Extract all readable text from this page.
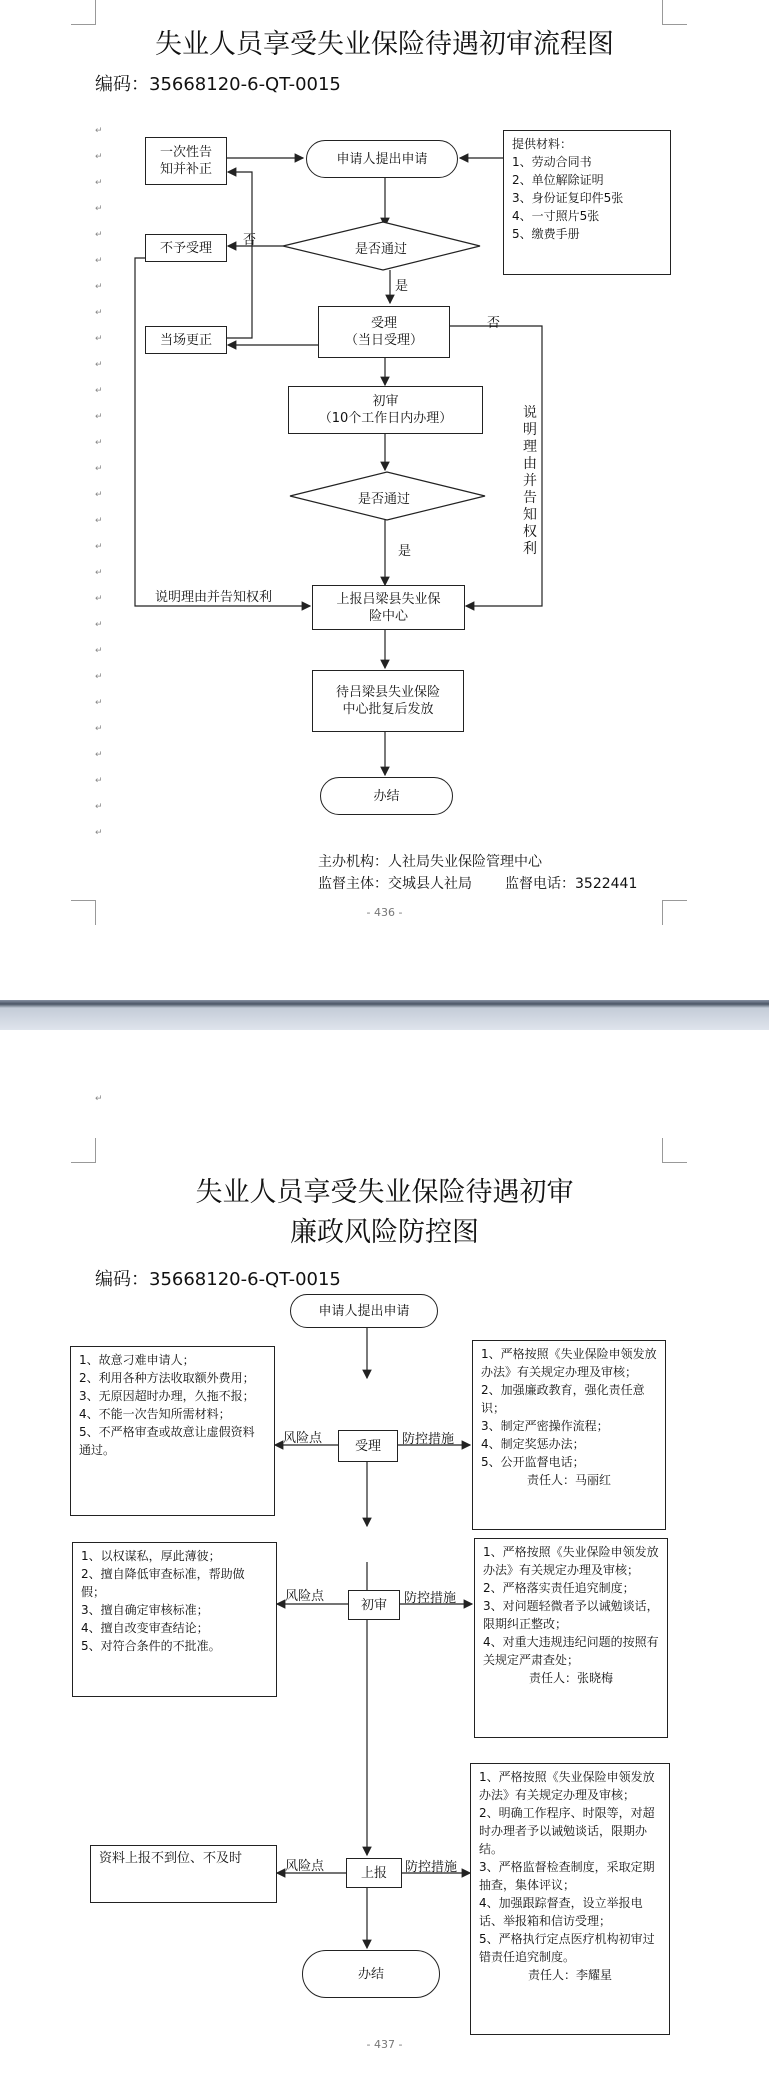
↵
↵
↵
↵
↵
↵
↵
↵
↵
↵
↵
↵
↵
↵
↵
↵
↵
↵
↵
↵
↵
↵
↵
↵
↵
↵
↵
↵
失业人员享受失业保险待遇初审流程图
编码：35668120-6-QT-0015
是否通过
是否通过
申请人提出申请
提供材料：
1、劳动合同书
2、单位解除证明
3、身份证复印件5张
4、一寸照片5张
5、缴费手册
一次性告
知并补正
不予受理 否
是
当场更正
受理
（当日受理）
否
说明理由并告知权利
初审
（10个工作日内办理）
是
说明理由并告知权利	上报吕梁县失业保
险中心
待吕梁县失业保险
中心批复后发放
办结
主办机构：人社局失业保险管理中心
监督主体：交城县人社局 监督电话：3522441
- 436 -
↵
失业人员享受失业保险待遇初审
廉政风险防控图
编码：35668120-6-QT-0015
申请人提出申请
受理
风险点	防控措施
1、故意刁难申请人；
2、利用各种方法收取额外费用；
3、无原因超时办理，久拖不报；
4、不能一次告知所需材料；
5、不严格审查或故意让虚假资料通过。
1、严格按照《失业保险申领发放办法》有关规定办理及审核；
2、加强廉政教育，强化责任意识；
3、制定严密操作流程；
4、制定奖惩办法；
5、公开监督电话；
责任人：马丽红
初审
风险点	防控措施
1、以权谋私，厚此薄彼；
2、擅自降低审查标准，帮助做假；
3、擅自确定审核标准；
4、擅自改变审查结论；
5、对符合条件的不批准。
1、严格按照《失业保险申领发放办法》有关规定办理及审核；
2、严格落实责任追究制度；
3、对问题轻微者予以诫勉谈话，限期纠正整改；
4、对重大违规违纪问题的按照有关规定严肃查处；
责任人：张晓梅
上报
风险点	防控措施
资料上报不到位、不及时
1、严格按照《失业保险申领发放办法》有关规定办理及审核；
2、明确工作程序、时限等，对超时办理者予以诫勉谈话，限期办结。
3、严格监督检查制度，采取定期抽查，集体评议；
4、加强跟踪督查，设立举报电话、举报箱和信访受理；
5、严格执行定点医疗机构初审过错责任追究制度。
责任人：李耀星
办结
- 437 -
